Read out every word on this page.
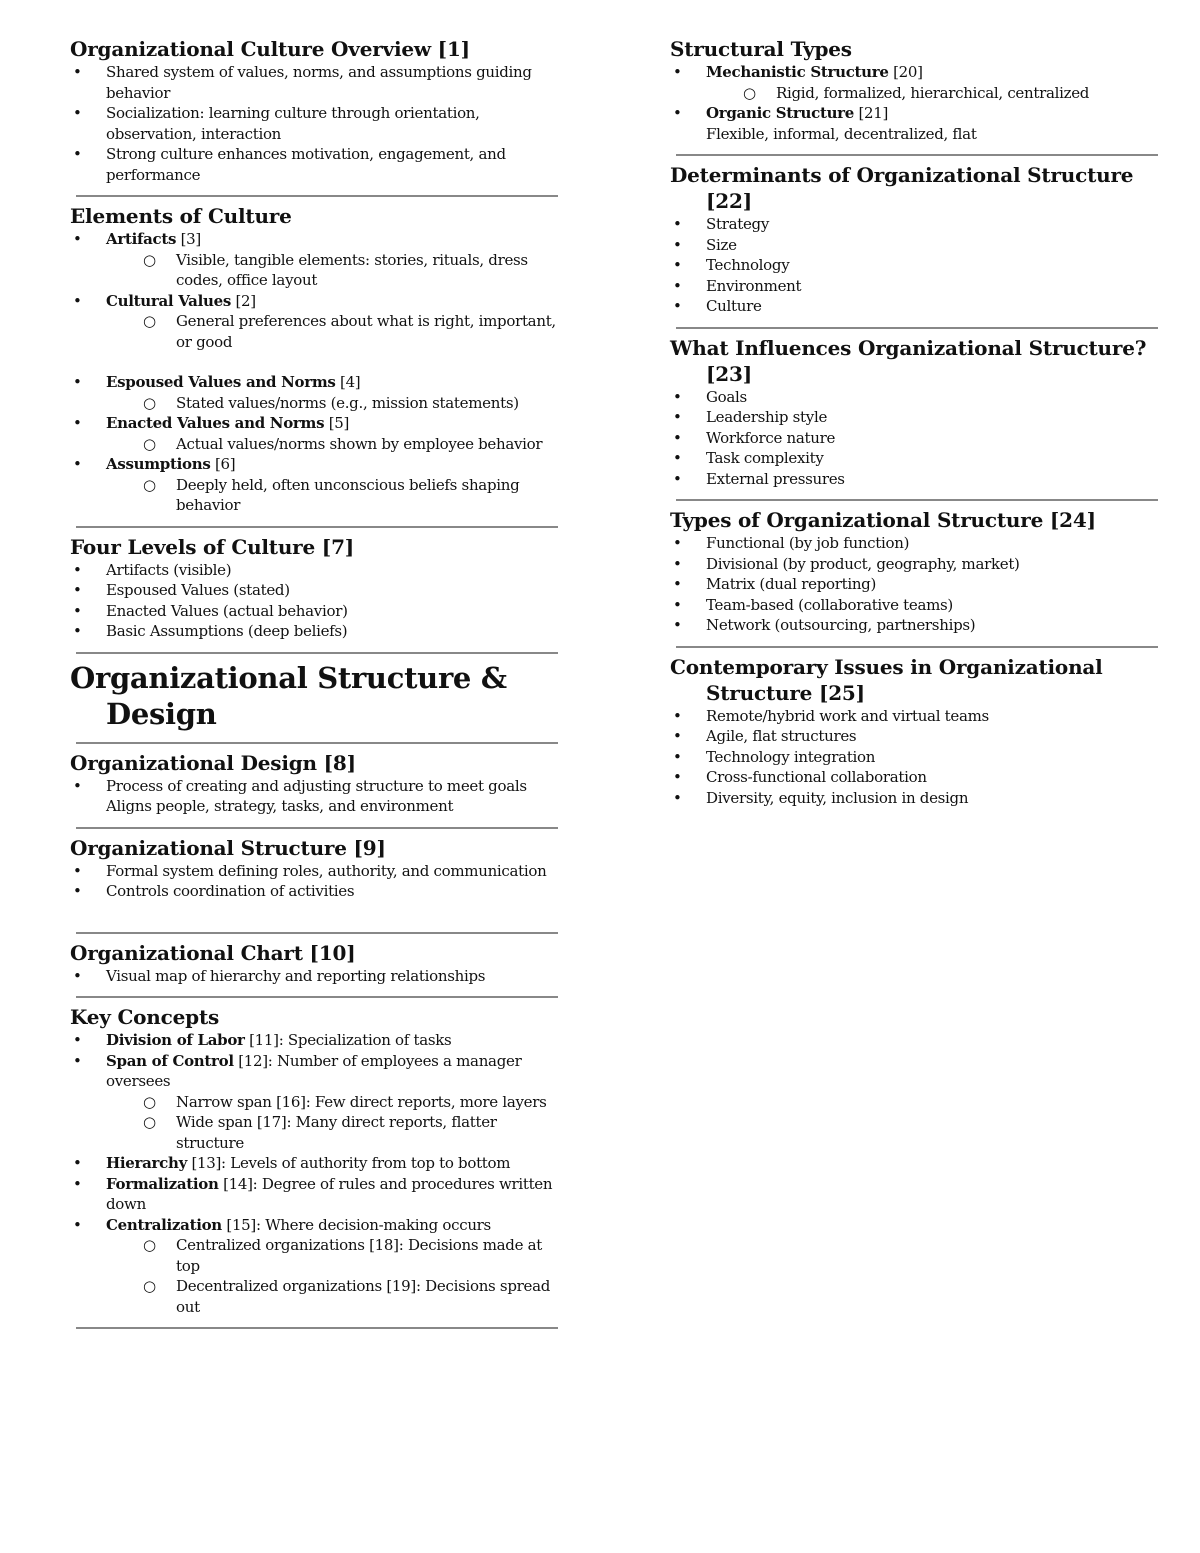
Organizational Culture Overview [1]
•	Shared system of values, norms, and assumptions guiding behavior
•	Socialization: learning culture through orientation, observation, interaction
•	Strong culture enhances motivation, engagement, and performance
Elements of Culture
•	Artifacts [3]
○ Visible, tangible elements: stories, rituals, dress codes, office layout
•	Cultural Values [2]
○ General preferences about what is right, important, or good
•	Espoused Values and Norms [4]
○ Stated values/norms (e.g., mission statements)
•	Enacted Values and Norms [5]
○ Actual values/norms shown by employee behavior
•	Assumptions [6]
○ Deeply held, often unconscious beliefs shaping behavior
Four Levels of Culture [7]
•	Artifacts (visible)
•	Espoused Values (stated)
•	Enacted Values (actual behavior)
•	Basic Assumptions (deep beliefs)
Organizational Structure & Design
Organizational Design [8]
•	Process of creating and adjusting structure to meet goals
Aligns people, strategy, tasks, and environment
Organizational Structure [9]
•	Formal system defining roles, authority, and communication
•	Controls coordination of activities
Organizational Chart [10]
•	Visual map of hierarchy and reporting relationships
Key Concepts
•	Division of Labor [11]: Specialization of tasks
•	Span of Control [12]: Number of employees a manager oversees
○ Narrow span [16]: Few direct reports, more layers
○ Wide span [17]: Many direct reports, flatter structure
•	Hierarchy [13]: Levels of authority from top to bottom
•	Formalization [14]: Degree of rules and procedures written down
•	Centralization [15]: Where decision-making occurs
○ Centralized organizations [18]: Decisions made at top
○ Decentralized organizations [19]: Decisions spread out
Structural Types
•	Mechanistic Structure [20]
○ Rigid, formalized, hierarchical, centralized
•	Organic Structure [21]
Flexible, informal, decentralized, flat
Determinants of Organizational Structure [22]
•	Strategy
•	Size
•	Technology
•	Environment
•	Culture
What Influences Organizational Structure? [23]
•	Goals
•	Leadership style
•	Workforce nature
•	Task complexity
•	External pressures
Types of Organizational Structure [24]
•	Functional (by job function)
•	Divisional (by product, geography, market)
•	Matrix (dual reporting)
•	Team-based (collaborative teams)
•	Network (outsourcing, partnerships)
Contemporary Issues in Organizational Structure [25]
•	Remote/hybrid work and virtual teams
•	Agile, flat structures
•	Technology integration
•	Cross-functional collaboration
•	Diversity, equity, inclusion in design
